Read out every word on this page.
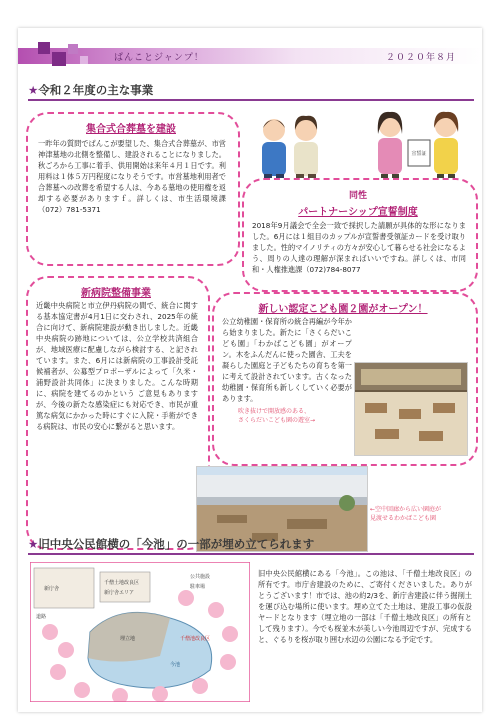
ぱんことジャンプ！	２０２０年８月
★令和２年度の主な事業
集合式合葬墓を建設
一昨年の質問でぱんこが要望した、集合式合葬墓が、市営神津墓地の北側を整備し、建設されることになりました。秋ごろから工事に着手、供用開始は来年４月１日です。利用料は１体５万円程度になりそうです。市営墓地利用者で合葬墓への改葬を希望する人は、今ある墓地の使用権を返却する必要がありますｆ。詳しくは、市生活環境課（072）781-5371
宣誓証
同性
パートナーシップ宣誓制度
2018年9月議会で全会一致で採択した請願が具体的な形になりました。6月には１組目のカップルが宣誓書受領証カードを受け取りました。性的マイノリティの方々が安心して暮らせる社会になるよう、周りの人達の理解が深まればいいですね。詳しくは、市同和・人権推進課（072)784-8077
新病院整備事業
近畿中央病院と市立伊丹病院の間で、統合に関する基本協定書が4月1日に交わされ、2025年の統合に向けて、新病院建設が動き出しました。近畿中央病院の跡地については、公立学校共済組合が、地域医療に配慮しながら検討する、と記されています。また、6月には新病院の工事設計受託候補者が、公募型プロポーザルによって「久米・浦野設計共同体」に決まりました。こんな時期に、病院を建てるのかという ご意見もありますが、今後の新たな感染症にも対応でき、市民が重篤な病気にかかった時にすぐに入院・手術ができる病院は、市民の安心に繋がると思います。
新しい認定こども園２園がオープン！
公立幼稚園・保育所の統合再編が今年から始まりました。新たに「さくらだいこども園」「わかばこども園」がオープン。木をふんだんに使った園舎、工夫を凝らした園庭と子どもたちの育ちを第一に考えて設計されています。古くなった幼稚園・保育所も新しくしていく必要があります。
吹き抜けで開放感のある、
さくらだいこども園の遊室→
←空中回廊から広い園庭が
見渡せるわかばこども園
★旧中央公民館横の「今池」の一部が埋め立てられます
新庁舎
千僧土地改良区
新庁舎エリア
埋立地
今池
公共施設
駐車場
千僧池改良区
道路
旧中央公民館横にある「今池」。この池は、「千僧土地改良区」の所有です。市庁舎建設のために、ご寄付くださいました。ありがとうございます！市では、池の約2/3を、新庁舎建設に伴う掘削土を運び込む場所に使います。埋め立てた土地は、建設工事の仮設ヤードとなります（埋立地の一部は「千僧土地改良区」の所有として残ります）。今でも桜並木が美しい今池周辺ですが、完成すると、ぐるりを桜が取り囲む水辺の公園になる予定です。
